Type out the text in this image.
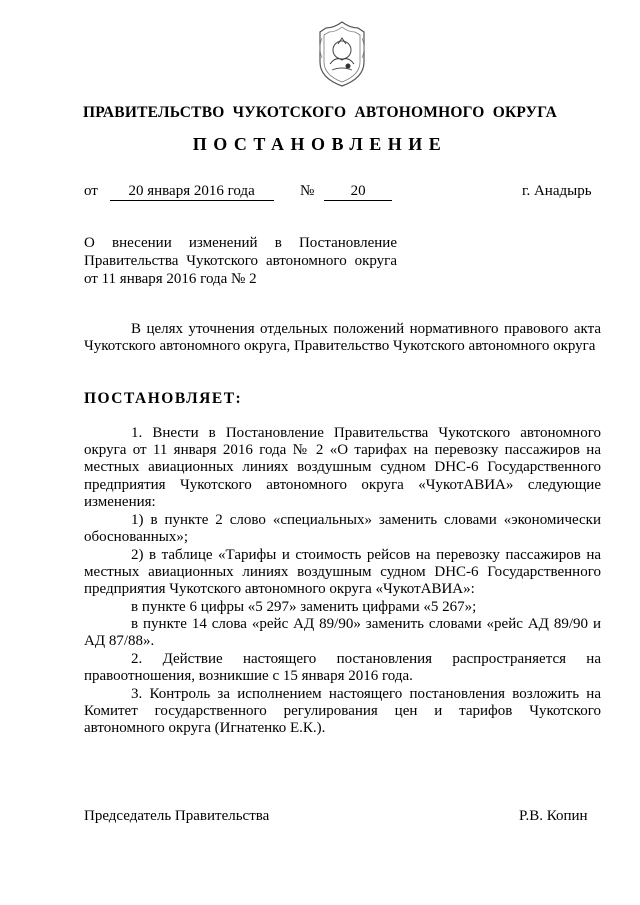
ПРАВИТЕЛЬСТВО  ЧУКОТСКОГО  АВТОНОМНОГО  ОКРУГА
ПОСТАНОВЛЕНИЕ
от 20 января 2016 года	№ 20	г. Анадырь
О внесении изменений в Постановление
Правительства Чукотского автономного округа
от 11 января 2016 года № 2
В целях уточнения отдельных положений нормативного правового акта Чукотского автономного округа, Правительство Чукотского автономного округа
ПОСТАНОВЛЯЕТ:
1. Внести в Постановление Правительства Чукотского автономного округа от 11 января 2016 года № 2 «О тарифах на перевозку пассажиров на местных авиационных линиях воздушным судном DHC-6 Государственного предприятия Чукотского автономного округа «ЧукотАВИА» следующие изменения:
1) в пункте 2 слово «специальных» заменить словами «экономически обоснованных»;
2) в таблице «Тарифы и стоимость рейсов на перевозку пассажиров на местных авиационных линиях воздушным судном DHC-6 Государственного предприятия Чукотского автономного округа «ЧукотАВИА»:
в пункте 6 цифры «5 297» заменить цифрами «5 267»;
в пункте 14 слова «рейс АД 89/90» заменить словами «рейс АД 89/90 и АД 87/88».
2. Действие настоящего постановления распространяется на правоотношения, возникшие с 15 января 2016 года.
3. Контроль за исполнением настоящего постановления возложить на Комитет государственного регулирования цен и тарифов Чукотского автономного округа (Игнатенко Е.К.).
Председатель Правительства	Р.В. Копин
